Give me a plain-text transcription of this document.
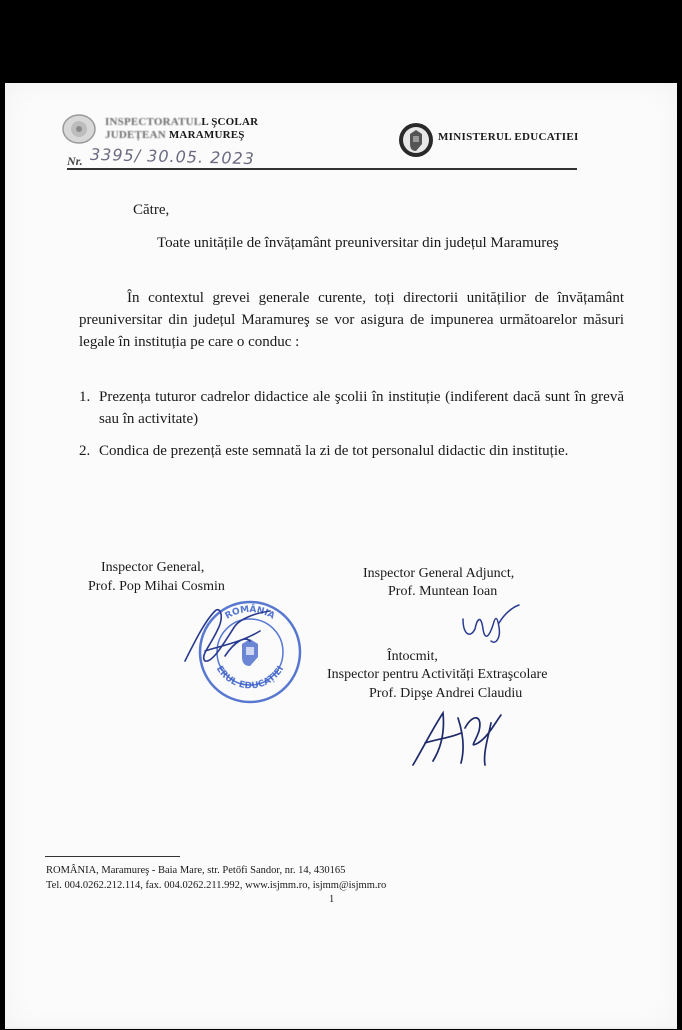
INSPECTORATULL ŞCOLAR
JUDEȚEAN MARAMUREŞ	MINISTERUL EDUCATIEI
Nr. 3395/ 30.05. 2023
Către,
Toate unitățile de învățamânt preuniversitar din județul Maramureş
În contextul grevei generale curente, toți directorii unitățilior de învățamânt preuniversitar din județul Maramureş se vor asigura de impunerea următoarelor măsuri legale în instituția pe care o conduc :
1. Prezența tuturor cadrelor didactice ale şcolii în instituție (indiferent dacă sunt în grevă sau în activitate)
2. Condica de prezență este semnată la zi de tot personalul didactic din instituție.
Inspector General,
Prof. Pop Mihai Cosmin
ROMÂNIA
ERUL EDUCAȚIEI
Inspector General Adjunct,
Prof. Muntean Ioan
Întocmit,
Inspector pentru Activități Extraşcolare
Prof. Dipşe Andrei Claudiu
ROMÂNIA, Maramureş - Baia Mare, str. Petőfi Sandor, nr. 14, 430165
Tel. 004.0262.212.114, fax. 004.0262.211.992, www.isjmm.ro, isjmm@isjmm.ro
1
